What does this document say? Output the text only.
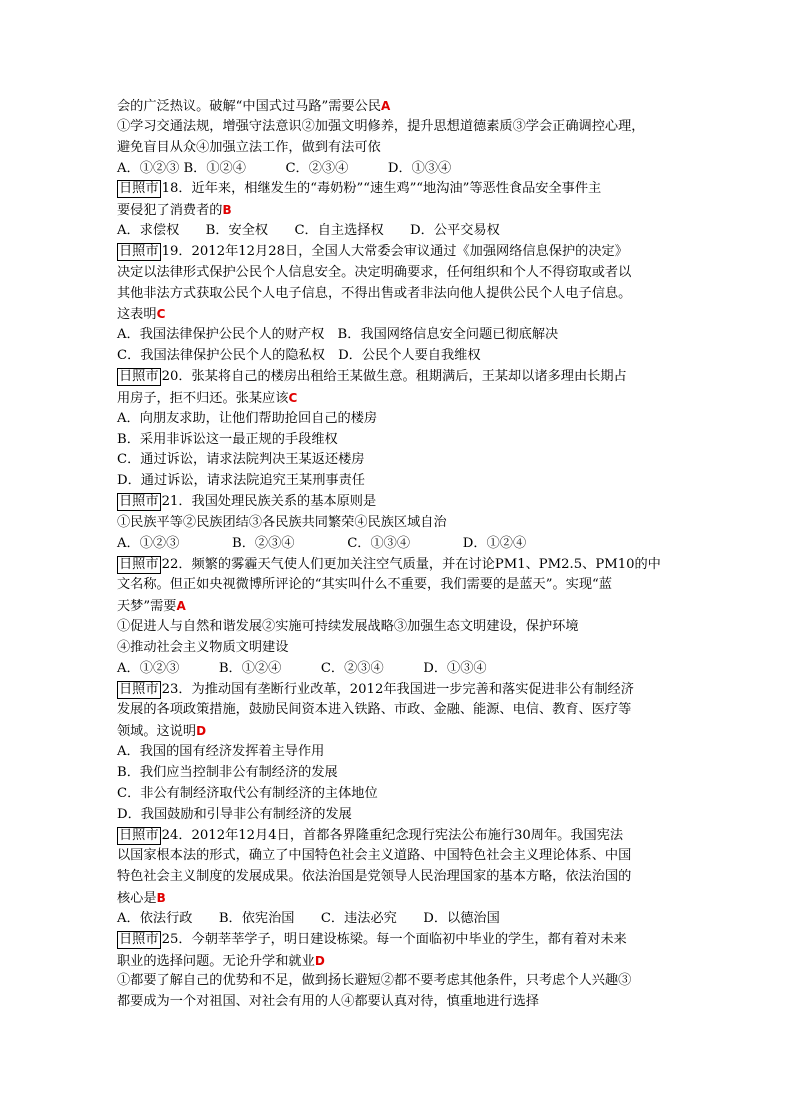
会的广泛热议。破解“中国式过马路”需要公民A
①学习交通法规，增强守法意识②加强文明修养，提升思想道德素质③学会正确调控心理，
避免盲目从众④加强立法工作，做到有法可依
A．①②③ B．①②④　　　C．②③④　　　D．①③④
日照市 18．近年来，相继发生的“毒奶粉”“速生鸡”“地沟油”等恶性食品安全事件主
要侵犯了消费者的B
A．求偿权　　B．安全权　　C．自主选择权　　D．公平交易权
日照市 19．2012年12月28日，全国人大常委会审议通过《加强网络信息保护的决定》
决定以法律形式保护公民个人信息安全。决定明确要求，任何组织和个人不得窃取或者以
其他非法方式获取公民个人电子信息，不得出售或者非法向他人提供公民个人电子信息。
这表明C
A．我国法律保护公民个人的财产权　B．我国网络信息安全问题已彻底解决
C．我国法律保护公民个人的隐私权　D．公民个人要自我维权
日照市 20．张某将自己的楼房出租给王某做生意。租期满后，王某却以诸多理由长期占
用房子，拒不归还。张某应该C
A．向朋友求助，让他们帮助抢回自己的楼房
B．采用非诉讼这一最正规的手段维权
C．通过诉讼，请求法院判决王某返还楼房
D．通过诉讼，请求法院追究王某刑事责任
日照市 21．我国处理民族关系的基本原则是
①民族平等②民族团结③各民族共同繁荣④民族区域自治
A．①②③　　　　B．②③④　　　　C．①③④　　　　D．①②④
日照市 22．频繁的雾霾天气使人们更加关注空气质量，并在讨论PM1、PM2.5、PM10的中
文名称。但正如央视微博所评论的“其实叫什么不重要，我们需要的是蓝天”。实现“蓝
天梦”需要A
①促进人与自然和谐发展②实施可持续发展战略③加强生态文明建设，保护环境
④推动社会主义物质文明建设
A．①②③　　　B．①②④　　　C．②③④　　　D．①③④
日照市 23．为推动国有垄断行业改革，2012年我国进一步完善和落实促进非公有制经济
发展的各项政策措施，鼓励民间资本进入铁路、市政、金融、能源、电信、教育、医疗等
领域。这说明D
A．我国的国有经济发挥着主导作用
B．我们应当控制非公有制经济的发展
C．非公有制经济取代公有制经济的主体地位
D．我国鼓励和引导非公有制经济的发展
日照市 24．2012年12月4日，首都各界隆重纪念现行宪法公布施行30周年。我国宪法
以国家根本法的形式，确立了中国特色社会主义道路、中国特色社会主义理论体系、中国
特色社会主义制度的发展成果。依法治国是党领导人民治理国家的基本方略，依法治国的
核心是B
A．依法行政　　B．依宪治国　　C．违法必究　　D．以德治国
日照市 25．今朝莘莘学子，明日建设栋梁。每一个面临初中毕业的学生，都有着对未来
职业的选择问题。无论升学和就业D
①都要了解自己的优势和不足，做到扬长避短②都不要考虑其他条件，只考虑个人兴趣③
都要成为一个对祖国、对社会有用的人④都要认真对待，慎重地进行选择
